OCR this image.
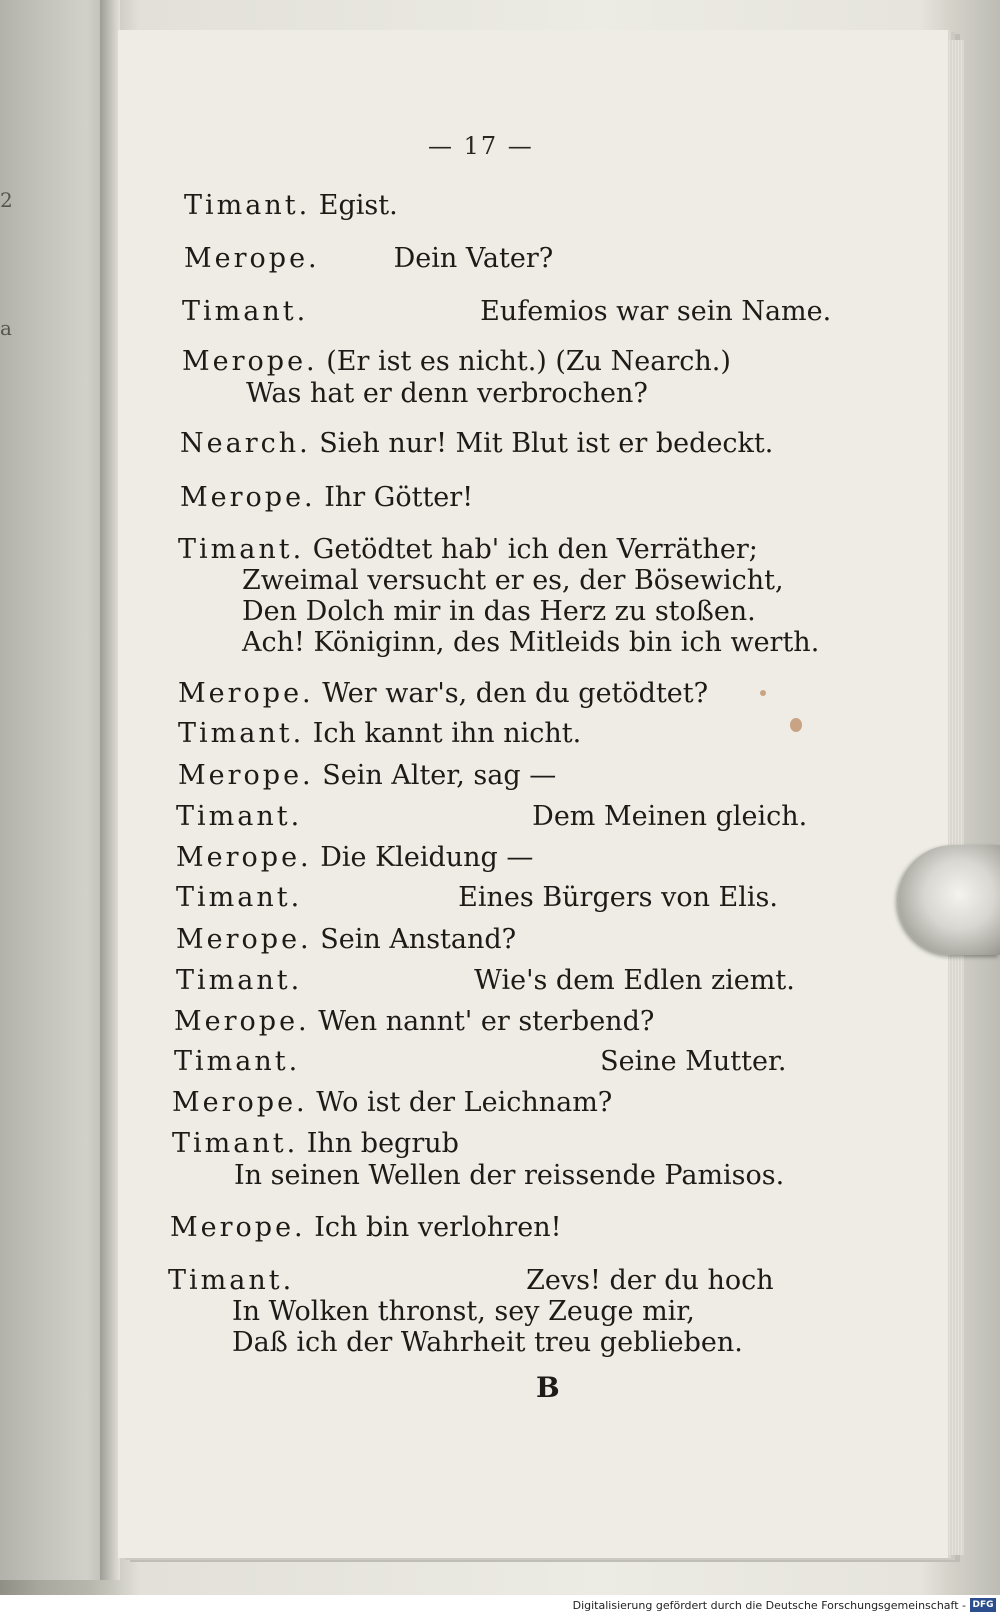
2
a
— 17 —
Timant. Egist.
Merope.	Dein Vater?
Timant.	Eufemios war sein Name.
Merope. (Er ist es nicht.) (Zu Nearch.)
Was hat er denn verbrochen?
Nearch. Sieh nur! Mit Blut ist er bedeckt.
Merope. Ihr Götter!
Timant. Getödtet hab' ich den Verräther;
Zweimal versucht er es, der Bösewicht,
Den Dolch mir in das Herz zu stoßen.
Ach! Königinn, des Mitleids bin ich werth.
Merope. Wer war's, den du getödtet?
Timant. Ich kannt ihn nicht.
Merope. Sein Alter, sag —
Timant.	Dem Meinen gleich.
Merope. Die Kleidung —
Timant.	Eines Bürgers von Elis.
Merope. Sein Anstand?
Timant.	Wie's dem Edlen ziemt.
Merope. Wen nannt' er sterbend?
Timant.	Seine Mutter.
Merope. Wo ist der Leichnam?
Timant. Ihn begrub
In seinen Wellen der reissende Pamisos.
Merope. Ich bin verlohren!
Timant.	Zevs! der du hoch
In Wolken thronst, sey Zeuge mir,
Daß ich der Wahrheit treu geblieben.
B
Digitalisierung gefördert durch die Deutsche Forschungsgemeinschaft - DFG
